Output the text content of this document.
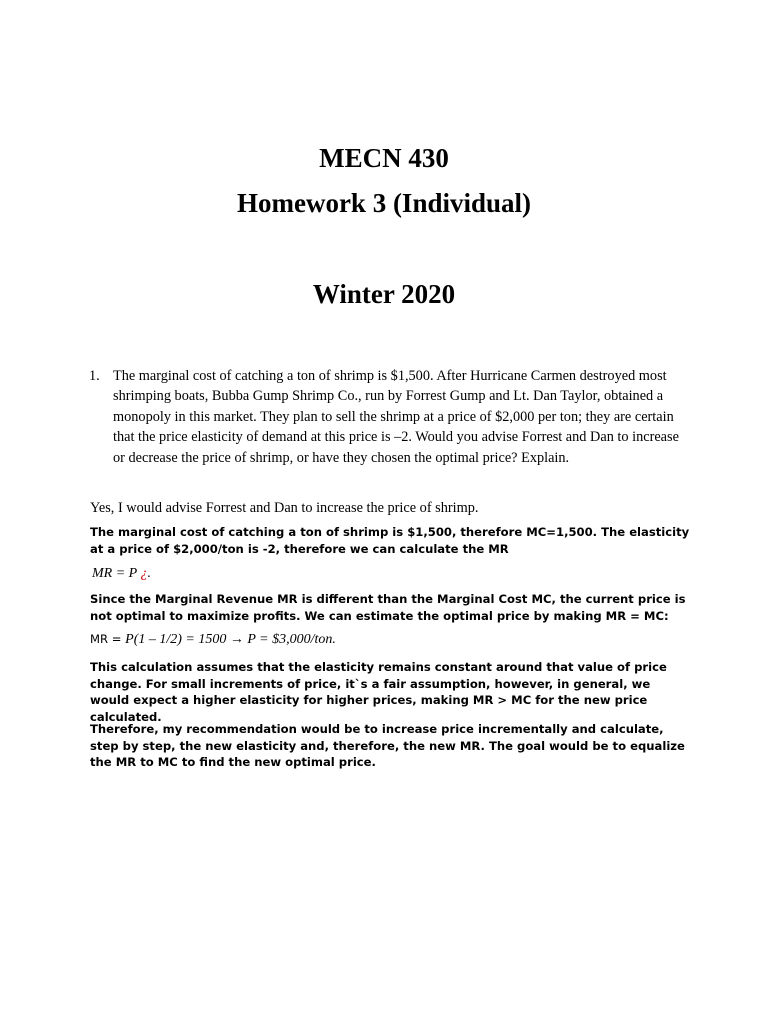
MECN 430
Homework 3 (Individual)
Winter 2020
1. The marginal cost of catching a ton of shrimp is $1,500. After Hurricane Carmen destroyed most shrimping boats, Bubba Gump Shrimp Co., run by Forrest Gump and Lt. Dan Taylor, obtained a monopoly in this market. They plan to sell the shrimp at a price of $2,000 per ton; they are certain that the price elasticity of demand at this price is –2. Would you advise Forrest and Dan to increase or decrease the price of shrimp, or have they chosen the optimal price? Explain.
Yes, I would advise Forrest and Dan to increase the price of shrimp.
The marginal cost of catching a ton of shrimp is $1,500, therefore MC=1,500. The elasticity at a price of $2,000/ton is -2, therefore we can calculate the MR
MR = P ¿.
Since the Marginal Revenue MR is different than the Marginal Cost MC, the current price is not optimal to maximize profits. We can estimate the optimal price by making MR = MC:
MR = P(1 – 1/2) = 1500 → P = $3,000/ton.
This calculation assumes that the elasticity remains constant around that value of price change. For small increments of price, it`s a fair assumption, however, in general, we would expect a higher elasticity for higher prices, making MR > MC for the new price calculated.
Therefore, my recommendation would be to increase price incrementally and calculate, step by step, the new elasticity and, therefore, the new MR. The goal would be to equalize the MR to MC to find the new optimal price.
